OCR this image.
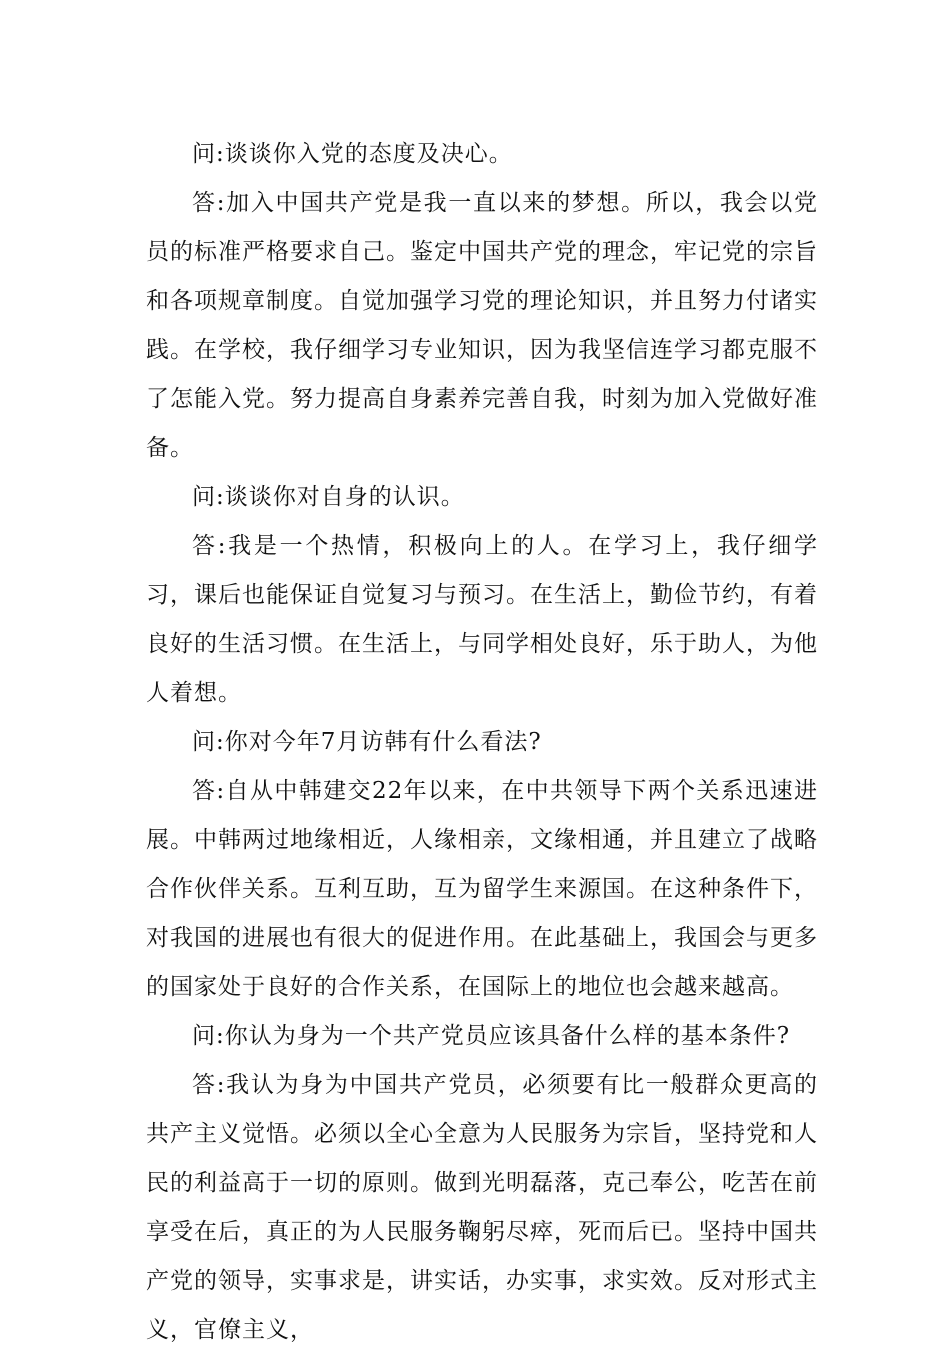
问:谈谈你入党的态度及决心。

答:加入中国共产党是我一直以来的梦想。所以，我会以党员的标准严格要求自己。鉴定中国共产党的理念，牢记党的宗旨和各项规章制度。自觉加强学习党的理论知识，并且努力付诸实践。在学校，我仔细学习专业知识，因为我坚信连学习都克服不了怎能入党。努力提高自身素养完善自我，时刻为加入党做好准备。

问:谈谈你对自身的认识。

答:我是一个热情，积极向上的人。在学习上，我仔细学习，课后也能保证自觉复习与预习。在生活上，勤俭节约，有着良好的生活习惯。在生活上，与同学相处良好，乐于助人，为他人着想。

问:你对今年7月访韩有什么看法?

答:自从中韩建交22年以来，在中共领导下两个关系迅速进展。中韩两过地缘相近，人缘相亲，文缘相通，并且建立了战略合作伙伴关系。互利互助，互为留学生来源国。在这种条件下，对我国的进展也有很大的促进作用。在此基础上，我国会与更多的国家处于良好的合作关系，在国际上的地位也会越来越高。

问:你认为身为一个共产党员应该具备什么样的基本条件?

答:我认为身为中国共产党员，必须要有比一般群众更高的共产主义觉悟。必须以全心全意为人民服务为宗旨，坚持党和人民的利益高于一切的原则。做到光明磊落，克己奉公，吃苦在前享受在后，真正的为人民服务鞠躬尽瘁，死而后已。坚持中国共产党的领导，实事求是，讲实话，办实事，求实效。反对形式主义，官僚主义，
